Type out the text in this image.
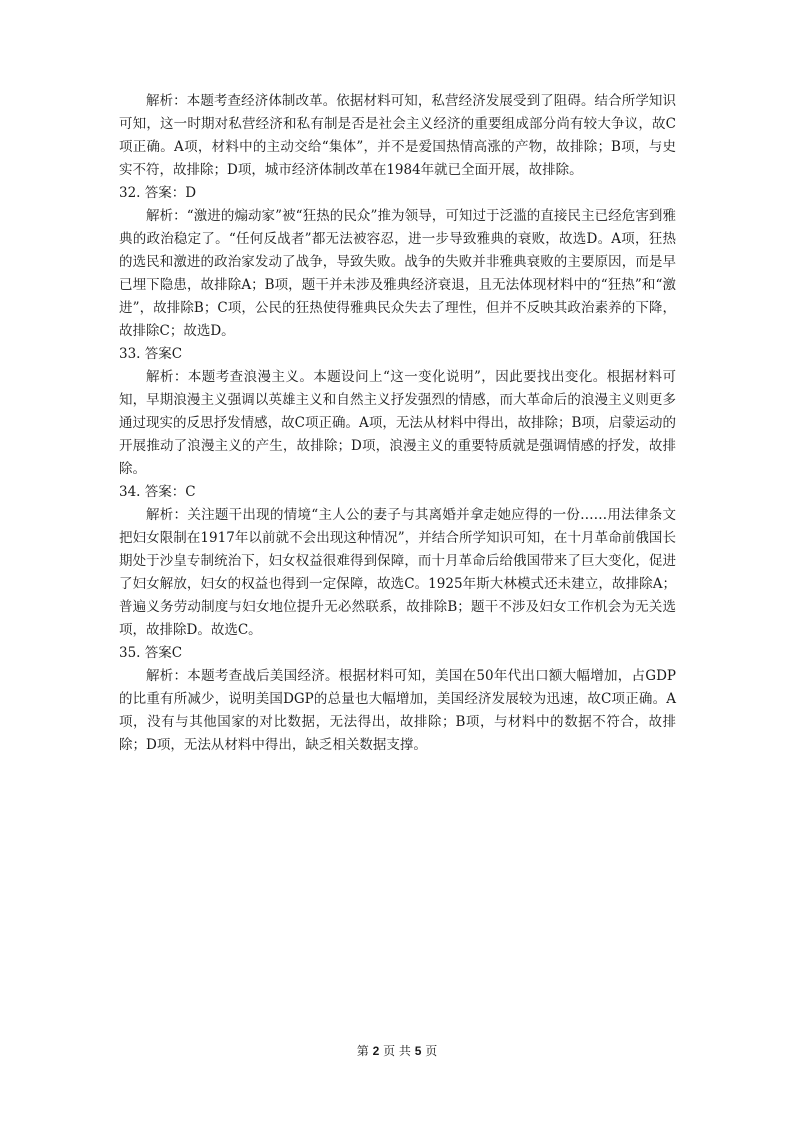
解析：本题考查经济体制改革。依据材料可知，私营经济发展受到了阻碍。结合所学知识可知，这一时期对私营经济和私有制是否是社会主义经济的重要组成部分尚有较大争议，故C项正确。A项，材料中的主动交给“集体”，并不是爱国热情高涨的产物，故排除；B项，与史实不符，故排除；D项，城市经济体制改革在1984年就已全面开展，故排除。

32. 答案：D

解析：“激进的煽动家”被“狂热的民众”推为领导，可知过于泛滥的直接民主已经危害到雅典的政治稳定了。“任何反战者”都无法被容忍，进一步导致雅典的衰败，故选D。A项，狂热的选民和激进的政治家发动了战争，导致失败。战争的失败并非雅典衰败的主要原因，而是早已埋下隐患，故排除A；B项，题干并未涉及雅典经济衰退，且无法体现材料中的“狂热”和“激进”，故排除B；C项，公民的狂热使得雅典民众失去了理性，但并不反映其政治素养的下降，故排除C；故选D。

33. 答案C

解析：本题考查浪漫主义。本题设问上“这一变化说明”，因此要找出变化。根据材料可知，早期浪漫主义强调以英雄主义和自然主义抒发强烈的情感，而大革命后的浪漫主义则更多通过现实的反思抒发情感，故C项正确。A项，无法从材料中得出，故排除；B项，启蒙运动的开展推动了浪漫主义的产生，故排除；D项，浪漫主义的重要特质就是强调情感的抒发，故排除。

34. 答案：C

解析：关注题干出现的情境“主人公的妻子与其离婚并拿走她应得的一份……用法律条文把妇女限制在1917年以前就不会出现这种情况”，并结合所学知识可知，在十月革命前俄国长期处于沙皇专制统治下，妇女权益很难得到保障，而十月革命后给俄国带来了巨大变化，促进了妇女解放，妇女的权益也得到一定保障，故选C。1925年斯大林模式还未建立，故排除A；普遍义务劳动制度与妇女地位提升无必然联系，故排除B；题干不涉及妇女工作机会为无关选项，故排除D。故选C。

35. 答案C

解析：本题考查战后美国经济。根据材料可知，美国在50年代出口额大幅增加，占GDP的比重有所减少，说明美国DGP的总量也大幅增加，美国经济发展较为迅速，故C项正确。A项，没有与其他国家的对比数据，无法得出，故排除；B项，与材料中的数据不符合，故排除；D项，无法从材料中得出，缺乏相关数据支撑。

第 2 页 共 5 页
